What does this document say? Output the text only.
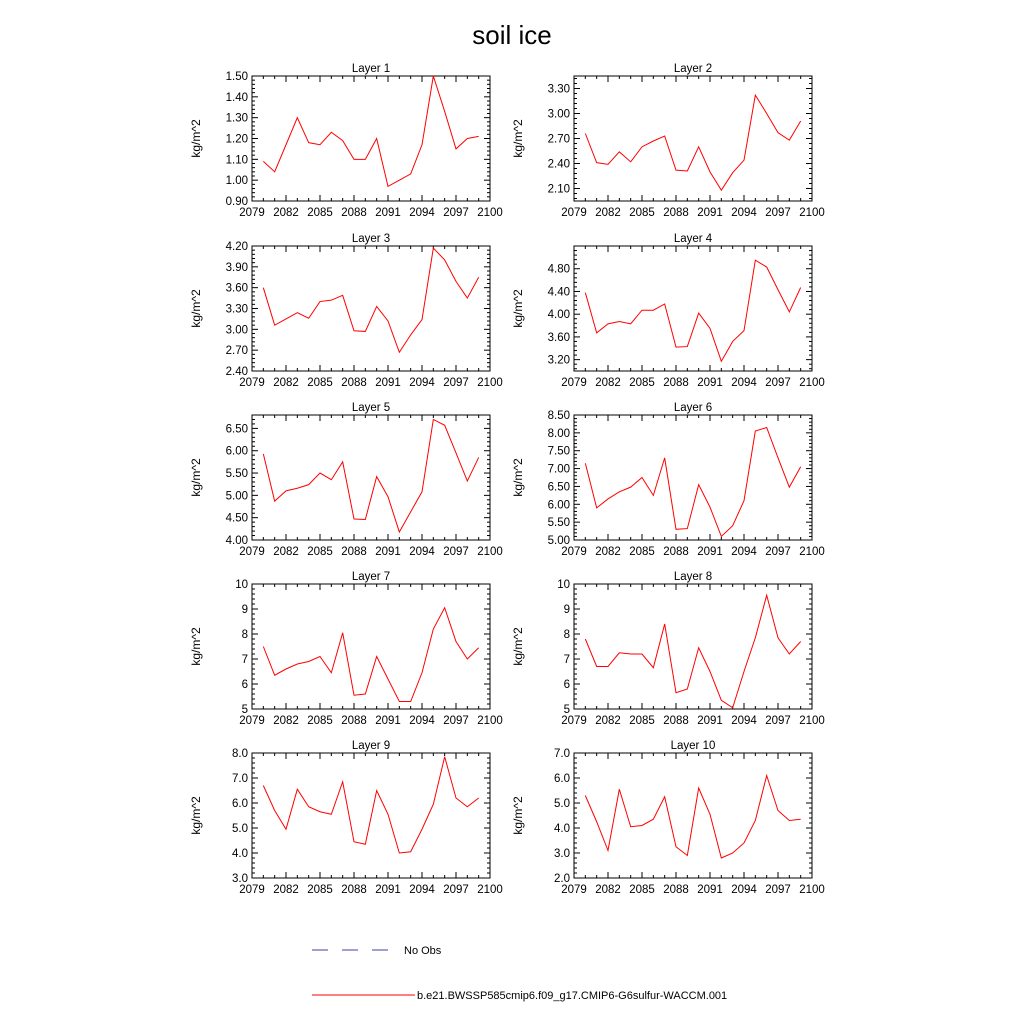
soil ice
Layer 1
kg/m^2
2079 2082 2085 2088 2091 2094 2097 2100
0.90
1.00
1.10
1.20
1.30
1.40
1.50
Layer 2
kg/m^2
2079 2082 2085 2088 2091 2094 2097 2100
2.10
2.40
2.70
3.00
3.30
Layer 3
kg/m^2
2079 2082 2085 2088 2091 2094 2097 2100
2.40
2.70
3.00
3.30
3.60
3.90
4.20
Layer 4
kg/m^2
2079 2082 2085 2088 2091 2094 2097 2100
3.20
3.60
4.00
4.40
4.80
Layer 5
kg/m^2
2079 2082 2085 2088 2091 2094 2097 2100
4.00
4.50
5.00
5.50
6.00
6.50
Layer 6
kg/m^2
2079 2082 2085 2088 2091 2094 2097 2100
5.00
5.50
6.00
6.50
7.00
7.50
8.00
8.50
Layer 7
kg/m^2
2079 2082 2085 2088 2091 2094 2097 2100
5
6
7
8
9
10
Layer 8
kg/m^2
2079 2082 2085 2088 2091 2094 2097 2100
5
6
7
8
9
10
Layer 9
kg/m^2
2079 2082 2085 2088 2091 2094 2097 2100
3.0
4.0
5.0
6.0
7.0
8.0
Layer 10
kg/m^2
2079 2082 2085 2088 2091 2094 2097 2100
2.0
3.0
4.0
5.0
6.0
7.0
No Obs
b.e21.BWSSP585cmip6.f09_g17.CMIP6-G6sulfur-WACCM.001
